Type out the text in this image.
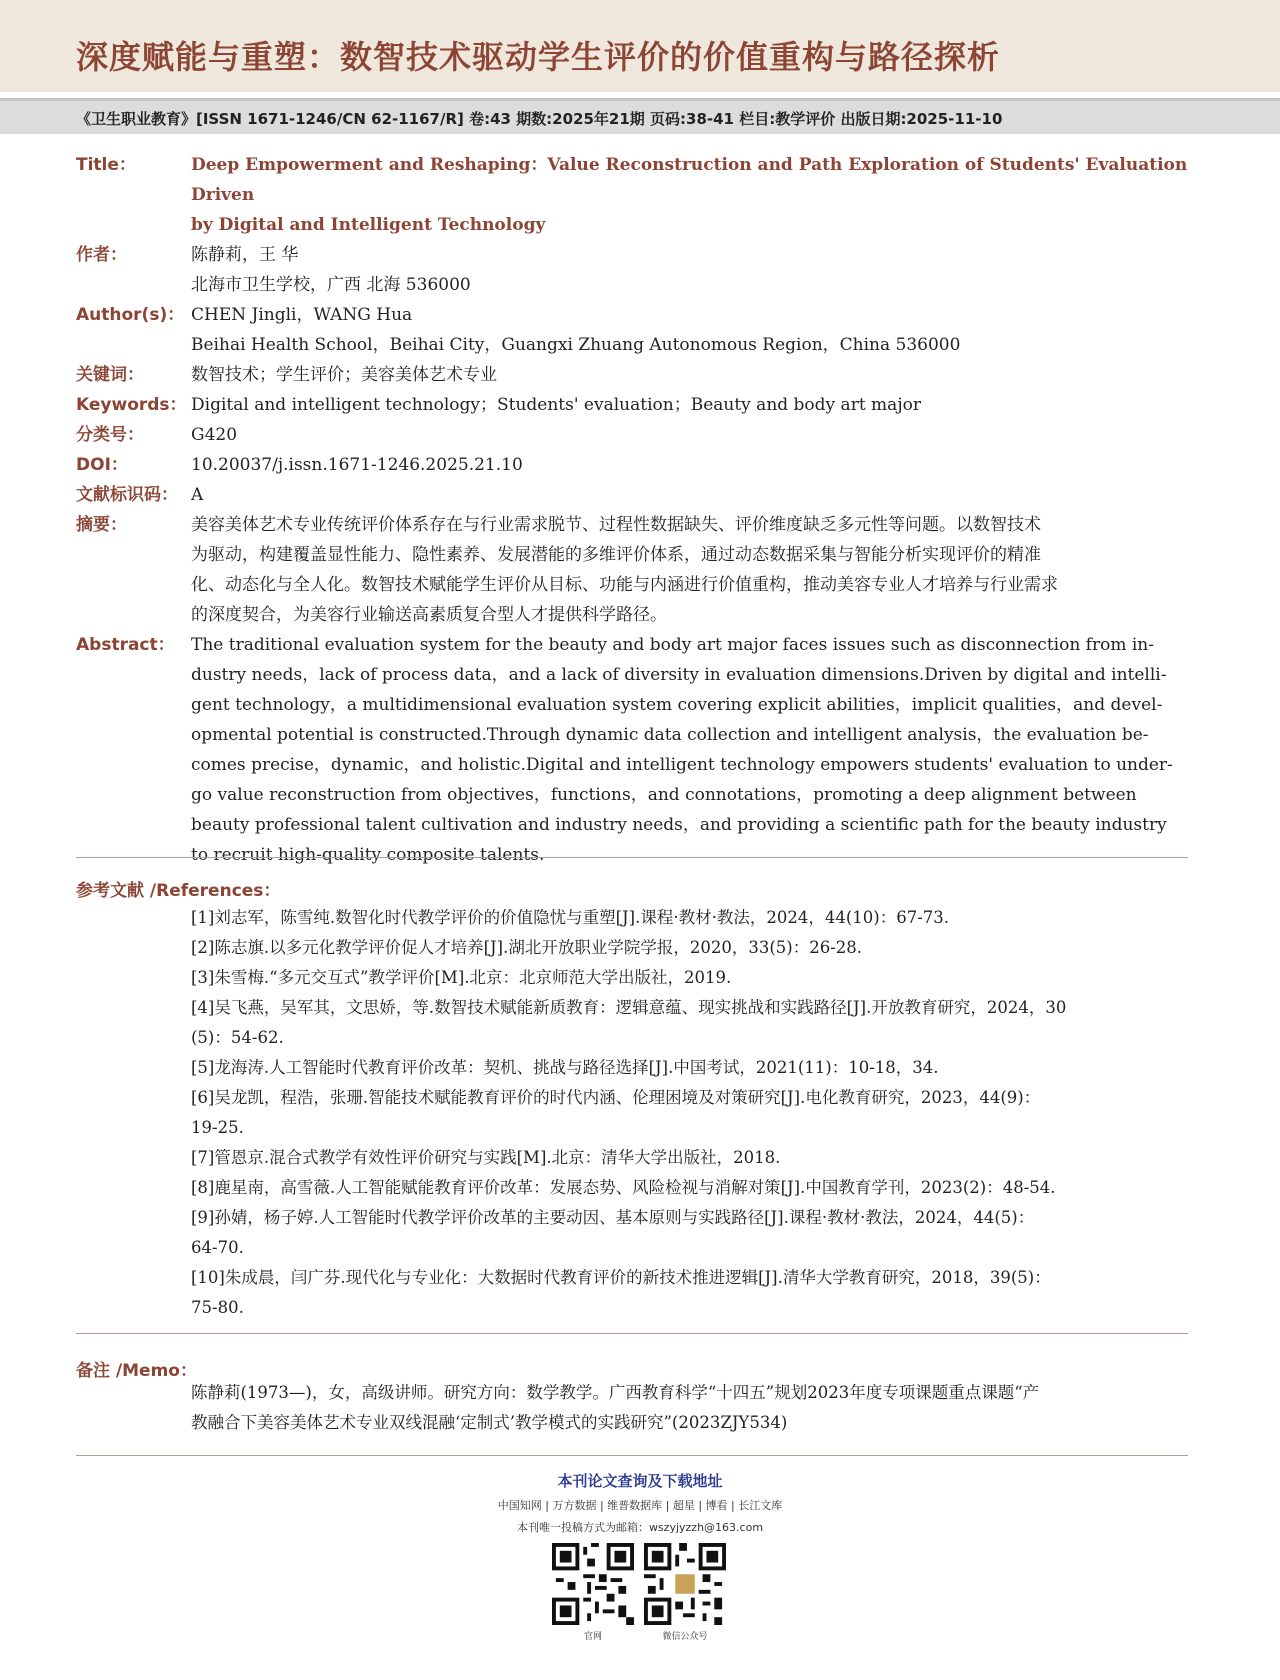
深度赋能与重塑：数智技术驱动学生评价的价值重构与路径探析
《卫生职业教育》[ISSN 1671-1246/CN 62-1167/R] 卷:43 期数:2025年21期 页码:38-41 栏目:教学评价 出版日期:2025-11-10
Title：	Deep Empowerment and Reshaping：Value Reconstruction and Path Exploration of Students' Evaluation Driven
by Digital and Intelligent Technology
作者：	陈静莉，王 华
北海市卫生学校，广西 北海 536000
Author(s)： CHEN Jingli，WANG Hua
Beihai Health School，Beihai City，Guangxi Zhuang Autonomous Region，China 536000
关键词：	数智技术；学生评价；美容美体艺术专业
Keywords： Digital and intelligent technology；Students' evaluation；Beauty and body art major
分类号：	G420
DOI：	10.20037/j.issn.1671-1246.2025.21.10
文献标识码： A
摘要：	美容美体艺术专业传统评价体系存在与行业需求脱节、过程性数据缺失、评价维度缺乏多元性等问题。以数智技术
为驱动，构建覆盖显性能力、隐性素养、发展潜能的多维评价体系，通过动态数据采集与智能分析实现评价的精准
化、动态化与全人化。数智技术赋能学生评价从目标、功能与内涵进行价值重构，推动美容专业人才培养与行业需求
的深度契合，为美容行业输送高素质复合型人才提供科学路径。
Abstract： The traditional evaluation system for the beauty and body art major faces issues such as disconnection from in-
dustry needs，lack of process data，and a lack of diversity in evaluation dimensions.Driven by digital and intelli-
gent technology，a multidimensional evaluation system covering explicit abilities，implicit qualities，and devel-
opmental potential is constructed.Through dynamic data collection and intelligent analysis，the evaluation be-
comes precise，dynamic，and holistic.Digital and intelligent technology empowers students' evaluation to under-
go value reconstruction from objectives，functions，and connotations，promoting a deep alignment between
beauty professional talent cultivation and industry needs，and providing a scientific path for the beauty industry
to recruit high-quality composite talents.
参考文献 /References：
[1]刘志军，陈雪纯.数智化时代教学评价的价值隐忧与重塑[J].课程·教材·教法，2024，44(10)：67-73.
[2]陈志旗.以多元化教学评价促人才培养[J].湖北开放职业学院学报，2020，33(5)：26-28.
[3]朱雪梅.“多元交互式”教学评价[M].北京：北京师范大学出版社，2019.
[4]吴飞燕，吴军其，文思娇，等.数智技术赋能新质教育：逻辑意蕴、现实挑战和实践路径[J].开放教育研究，2024，30
(5)：54-62.
[5]龙海涛.人工智能时代教育评价改革：契机、挑战与路径选择[J].中国考试，2021(11)：10-18，34.
[6]吴龙凯，程浩，张珊.智能技术赋能教育评价的时代内涵、伦理困境及对策研究[J].电化教育研究，2023，44(9)：
19-25.
[7]管恩京.混合式教学有效性评价研究与实践[M].北京：清华大学出版社，2018.
[8]鹿星南，高雪薇.人工智能赋能教育评价改革：发展态势、风险检视与消解对策[J].中国教育学刊，2023(2)：48-54.
[9]孙婧，杨子婷.人工智能时代教学评价改革的主要动因、基本原则与实践路径[J].课程·教材·教法，2024，44(5)：
64-70.
[10]朱成晨，闫广芬.现代化与专业化：大数据时代教育评价的新技术推进逻辑[J].清华大学教育研究，2018，39(5)：
75-80.
备注 /Memo：
陈静莉(1973—)，女，高级讲师。研究方向：数学教学。广西教育科学“十四五”规划2023年度专项课题重点课题“产
教融合下美容美体艺术专业双线混融‘定制式’教学模式的实践研究”(2023ZJY534)
本刊论文查询及下载地址
中国知网 | 万方数据 | 维普数据库 | 超星 | 博看 | 长江文库
本刊唯一投稿方式为邮箱：wszyjyzzh@163.com
官网	微信公众号
